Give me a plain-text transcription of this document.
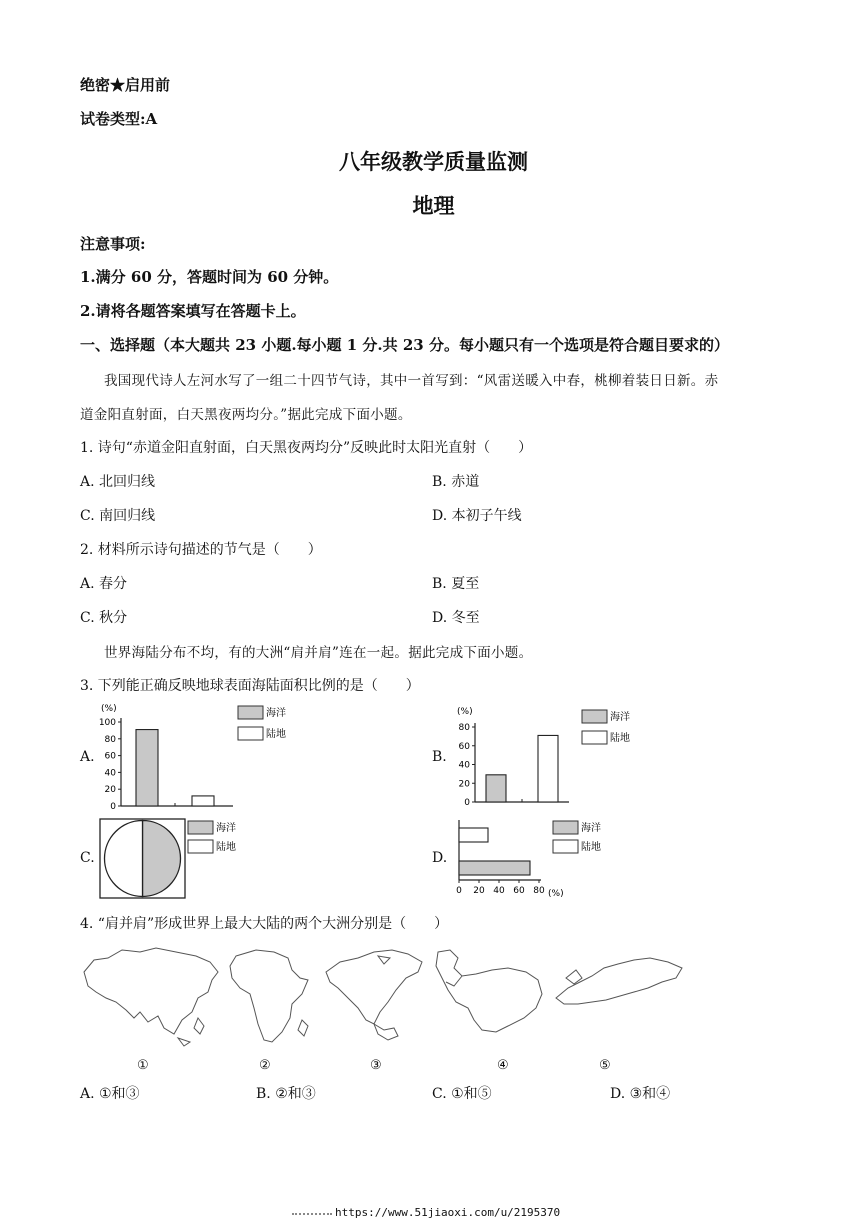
绝密★启用前
试卷类型:A
八年级教学质量监测
地理
注意事项:
1.满分 60 分，答题时间为 60 分钟。
2.请将各题答案填写在答题卡上。
一、选择题（本大题共 23 小题.每小题 1 分.共 23 分。每小题只有一个选项是符合题目要求的）
我国现代诗人左河水写了一组二十四节气诗，其中一首写到：“风雷送暖入中春，桃柳着装日日新。赤
道金阳直射面，白天黑夜两均分。”据此完成下面小题。
1. 诗句“赤道金阳直射面，白天黑夜两均分”反映此时太阳光直射（　　）
A. 北回归线	B. 赤道
C. 南回归线	D. 本初子午线
2. 材料所示诗句描述的节气是（　　）
A. 春分	B. 夏至
C. 秋分	D. 冬至
世界海陆分布不均，有的大洲“肩并肩”连在一起。据此完成下面小题。
3. 下列能正确反映地球表面海陆面积比例的是（　　）
A.	B.
C.	D.
(%)
0
20
40
60
80
100
海洋
陆地
(%)
0
20
40
60
80
海洋
陆地
海洋
陆地
0 20 40 60 80 (%)
海洋
陆地
4. “肩并肩”形成世界上最大大陆的两个大洲分别是（　　）
①	②	③	④	⑤
A. ①和③	B. ②和③	C. ①和⑤	D. ③和④
https://www.51jiaoxi.com/u/2195370
